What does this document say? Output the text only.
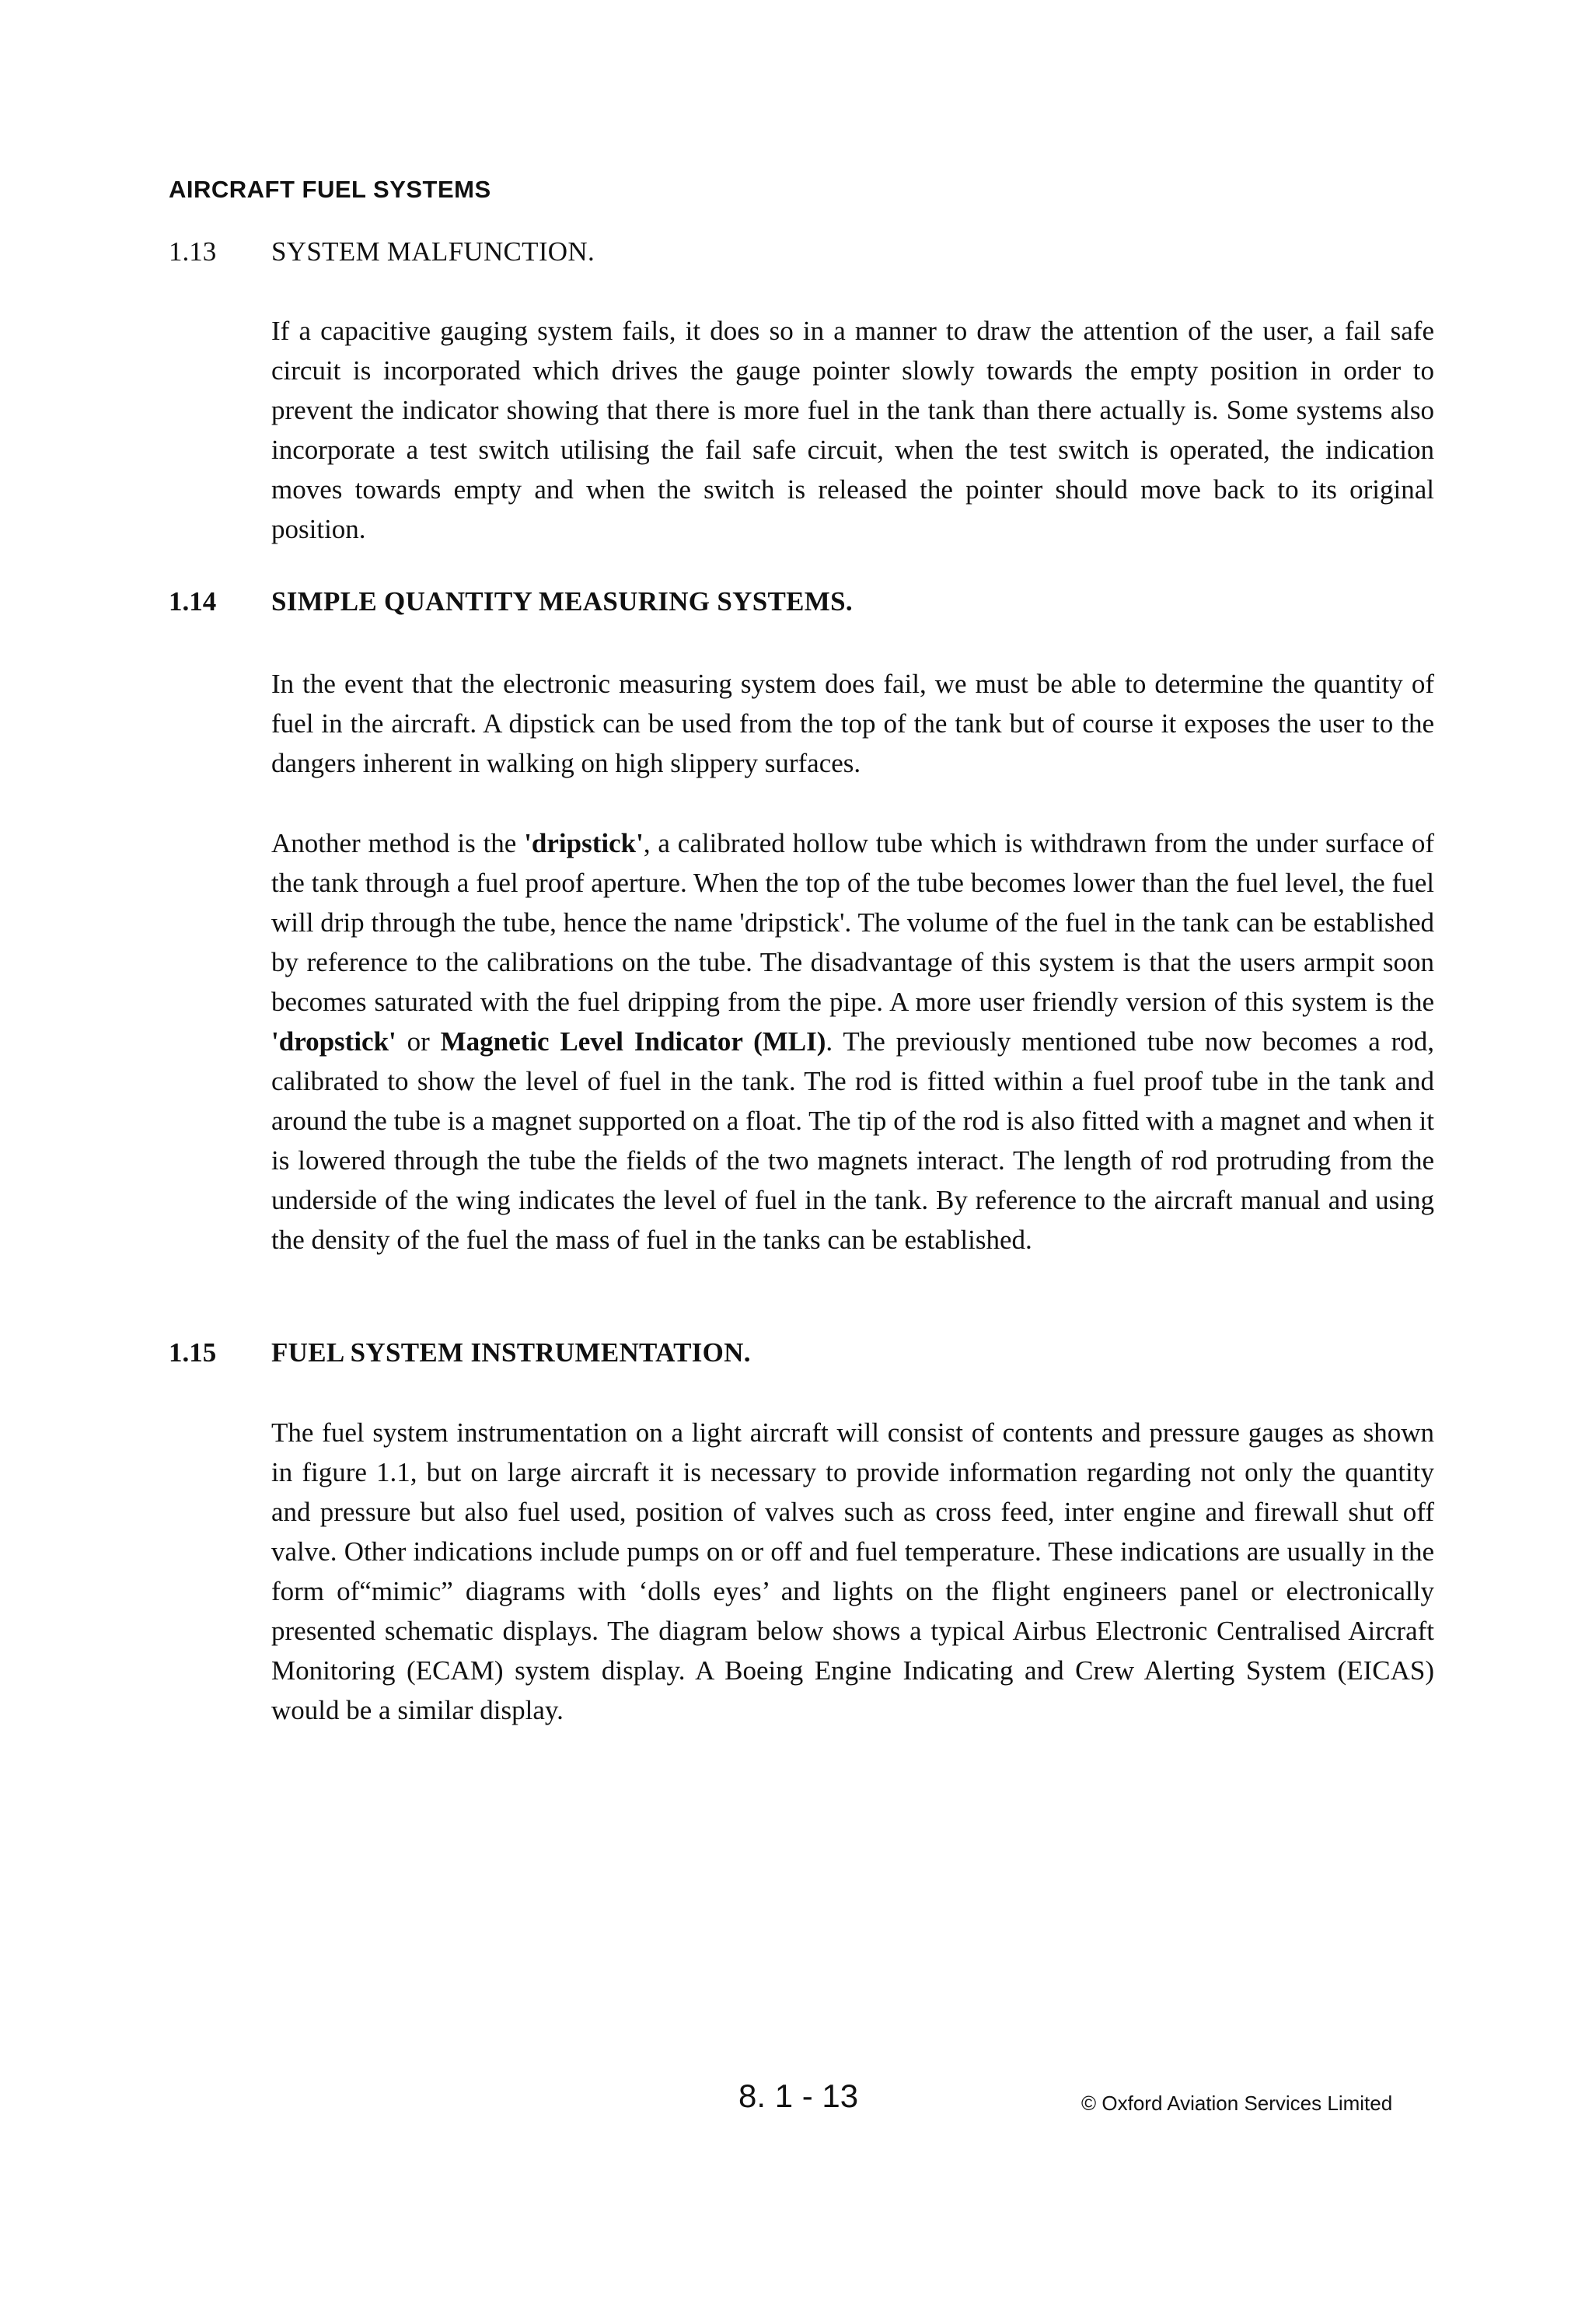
AIRCRAFT FUEL SYSTEMS
1.13 SYSTEM MALFUNCTION.
If a capacitive gauging system fails, it does so in a manner to draw the attention of the user, a fail safe circuit is incorporated which drives the gauge pointer slowly towards the empty position in order to prevent the indicator showing that there is more fuel in the tank than there actually is. Some systems also incorporate a test switch utilising the fail safe circuit, when the test switch is operated, the indication moves towards empty and when the switch is released the pointer should move back to its original position.
1.14 SIMPLE QUANTITY MEASURING SYSTEMS.
In the event that the electronic measuring system does fail, we must be able to determine the quantity of fuel in the aircraft. A dipstick can be used from the top of the tank but of course it exposes the user to the dangers inherent in walking on high slippery surfaces.
Another method is the 'dripstick', a calibrated hollow tube which is withdrawn from the under surface of the tank through a fuel proof aperture. When the top of the tube becomes lower than the fuel level, the fuel will drip through the tube, hence the name 'dripstick'. The volume of the fuel in the tank can be established by reference to the calibrations on the tube. The disadvantage of this system is that the users armpit soon becomes saturated with the fuel dripping from the pipe. A more user friendly version of this system is the 'dropstick' or Magnetic Level Indicator (MLI). The previously mentioned tube now becomes a rod, calibrated to show the level of fuel in the tank. The rod is fitted within a fuel proof tube in the tank and around the tube is a magnet supported on a float. The tip of the rod is also fitted with a magnet and when it is lowered through the tube the fields of the two magnets interact. The length of rod protruding from the underside of the wing indicates the level of fuel in the tank. By reference to the aircraft manual and using the density of the fuel the mass of fuel in the tanks can be established.
1.15 FUEL SYSTEM INSTRUMENTATION.
The fuel system instrumentation on a light aircraft will consist of contents and pressure gauges as shown in figure 1.1, but on large aircraft it is necessary to provide information regarding not only the quantity and pressure but also fuel used, position of valves such as cross feed, inter engine and firewall shut off valve. Other indications include pumps on or off and fuel temperature. These indications are usually in the form of“mimic” diagrams with ‘dolls eyes’ and lights on the flight engineers panel or electronically presented schematic displays. The diagram below shows a typical Airbus Electronic Centralised Aircraft Monitoring (ECAM) system display. A Boeing Engine Indicating and Crew Alerting System (EICAS) would be a similar display.
8. 1 - 13	© Oxford Aviation Services Limited
